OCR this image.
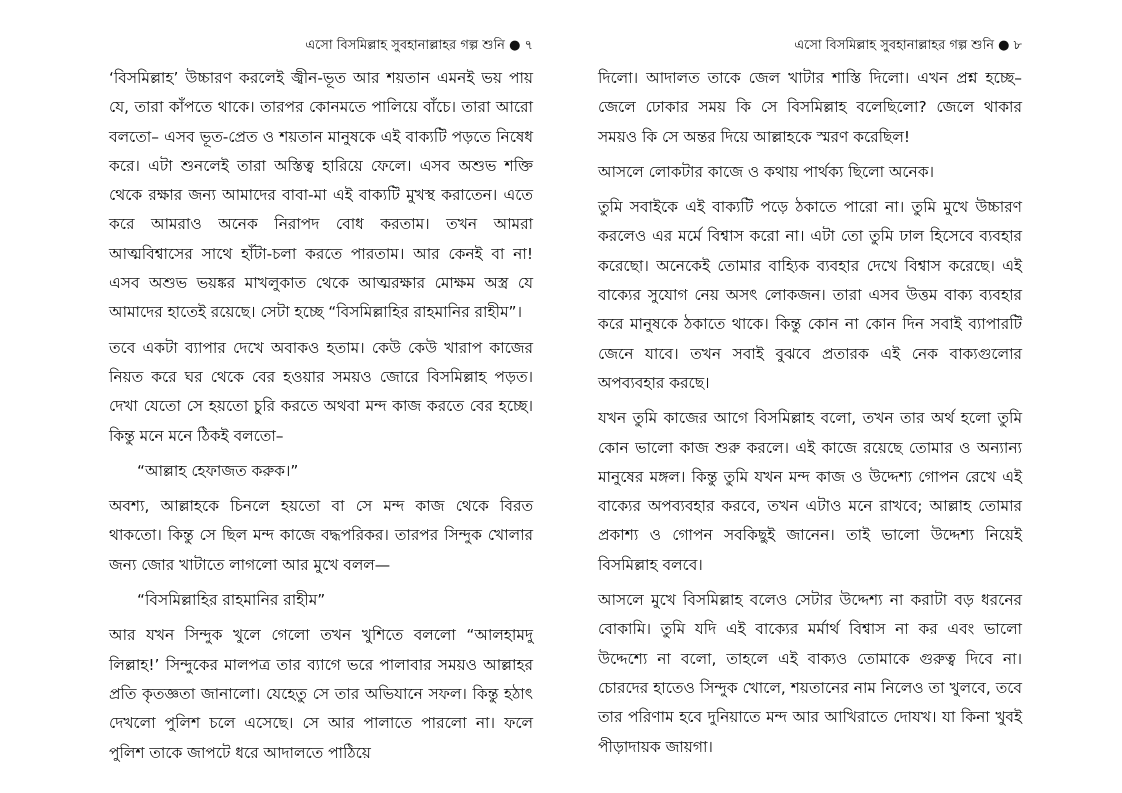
এসো বিসমিল্লাহ সুবহানাল্লাহর গল্প শুনি ● ৭

‘বিসমিল্লাহ’ উচ্চারণ করলেই জ্বীন-ভূত আর শয়তান এমনই ভয় পায় যে, তারা কাঁপতে থাকে। তারপর কোনমতে পালিয়ে বাঁচে। তারা আরো বলতো– এসব ভূত-প্রেত ও শয়তান মানুষকে এই বাক্যটি পড়তে নিষেধ করে। এটা শুনলেই তারা অস্তিত্ব হারিয়ে ফেলে। এসব অশুভ শক্তি থেকে রক্ষার জন্য আমাদের বাবা-মা এই বাক্যটি মুখস্থ করাতেন। এতে করে আমরাও অনেক নিরাপদ বোধ করতাম। তখন আমরা আত্মবিশ্বাসের সাথে হাঁটা-চলা করতে পারতাম। আর কেনই বা না! এসব অশুভ ভয়ঙ্কর মাখলুকাত থেকে আত্মরক্ষার মোক্ষম অস্ত্র যে আমাদের হাতেই রয়েছে। সেটা হচ্ছে “বিসমিল্লাহির রাহমানির রাহীম”।

তবে একটা ব্যাপার দেখে অবাকও হতাম। কেউ কেউ খারাপ কাজের নিয়ত করে ঘর থেকে বের হওয়ার সময়ও জোরে বিসমিল্লাহ পড়ত। দেখা যেতো সে হয়তো চুরি করতে অথবা মন্দ কাজ করতে বের হচ্ছে। কিন্তু মনে মনে ঠিকই বলতো–

“আল্লাহ হেফাজত করুক।”

অবশ্য, আল্লাহকে চিনলে হয়তো বা সে মন্দ কাজ থেকে বিরত থাকতো। কিন্তু সে ছিল মন্দ কাজে বদ্ধপরিকর। তারপর সিন্দুক খোলার জন্য জোর খাটাতে লাগলো আর মুখে বলল—

“বিসমিল্লাহির রাহমানির রাহীম”

আর যখন সিন্দুক খুলে গেলো তখন খুশিতে বললো “আলহামদু লিল্লাহ!’ সিন্দুকের মালপত্র তার ব্যাগে ভরে পালাবার সময়ও আল্লাহর প্রতি কৃতজ্ঞতা জানালো। যেহেতু সে তার অভিযানে সফল। কিন্তু হঠাৎ দেখলো পুলিশ চলে এসেছে। সে আর পালাতে পারলো না। ফলে পুলিশ তাকে জাপটে ধরে আদালতে পাঠিয়ে

এসো বিসমিল্লাহ সুবহানাল্লাহর গল্প শুনি ● ৮

দিলো। আদালত তাকে জেল খাটার শাস্তি দিলো। এখন প্রশ্ন হচ্ছে– জেলে ঢোকার সময় কি সে বিসমিল্লাহ বলেছিলো? জেলে থাকার সময়ও কি সে অন্তর দিয়ে আল্লাহকে স্মরণ করেছিল!

আসলে লোকটার কাজে ও কথায় পার্থক্য ছিলো অনেক।

তুমি সবাইকে এই বাক্যটি পড়ে ঠকাতে পারো না। তুমি মুখে উচ্চারণ করলেও এর মর্মে বিশ্বাস করো না। এটা তো তুমি ঢাল হিসেবে ব্যবহার করেছো। অনেকেই তোমার বাহ্যিক ব্যবহার দেখে বিশ্বাস করেছে। এই বাক্যের সুযোগ নেয় অসৎ লোকজন। তারা এসব উত্তম বাক্য ব্যবহার করে মানুষকে ঠকাতে থাকে। কিন্তু কোন না কোন দিন সবাই ব্যাপারটি জেনে যাবে। তখন সবাই বুঝবে প্রতারক এই নেক বাক্যগুলোর অপব্যবহার করছে।

যখন তুমি কাজের আগে বিসমিল্লাহ বলো, তখন তার অর্থ হলো তুমি কোন ভালো কাজ শুরু করলে। এই কাজে রয়েছে তোমার ও অন্যান্য মানুষের মঙ্গল। কিন্তু তুমি যখন মন্দ কাজ ও উদ্দেশ্য গোপন রেখে এই বাক্যের অপব্যবহার করবে, তখন এটাও মনে রাখবে; আল্লাহ তোমার প্রকাশ্য ও গোপন সবকিছুই জানেন। তাই ভালো উদ্দেশ্য নিয়েই বিসমিল্লাহ বলবে।

আসলে মুখে বিসমিল্লাহ বলেও সেটার উদ্দেশ্য না করাটা বড় ধরনের বোকামি। তুমি যদি এই বাক্যের মর্মার্থ বিশ্বাস না কর এবং ভালো উদ্দেশ্যে না বলো, তাহলে এই বাক্যও তোমাকে গুরুত্ব দিবে না। চোরদের হাতেও সিন্দুক খোলে, শয়তানের নাম নিলেও তা খুলবে, তবে তার পরিণাম হবে দুনিয়াতে মন্দ আর আখিরাতে দোযখ। যা কিনা খুবই পীড়াদায়ক জায়গা।
